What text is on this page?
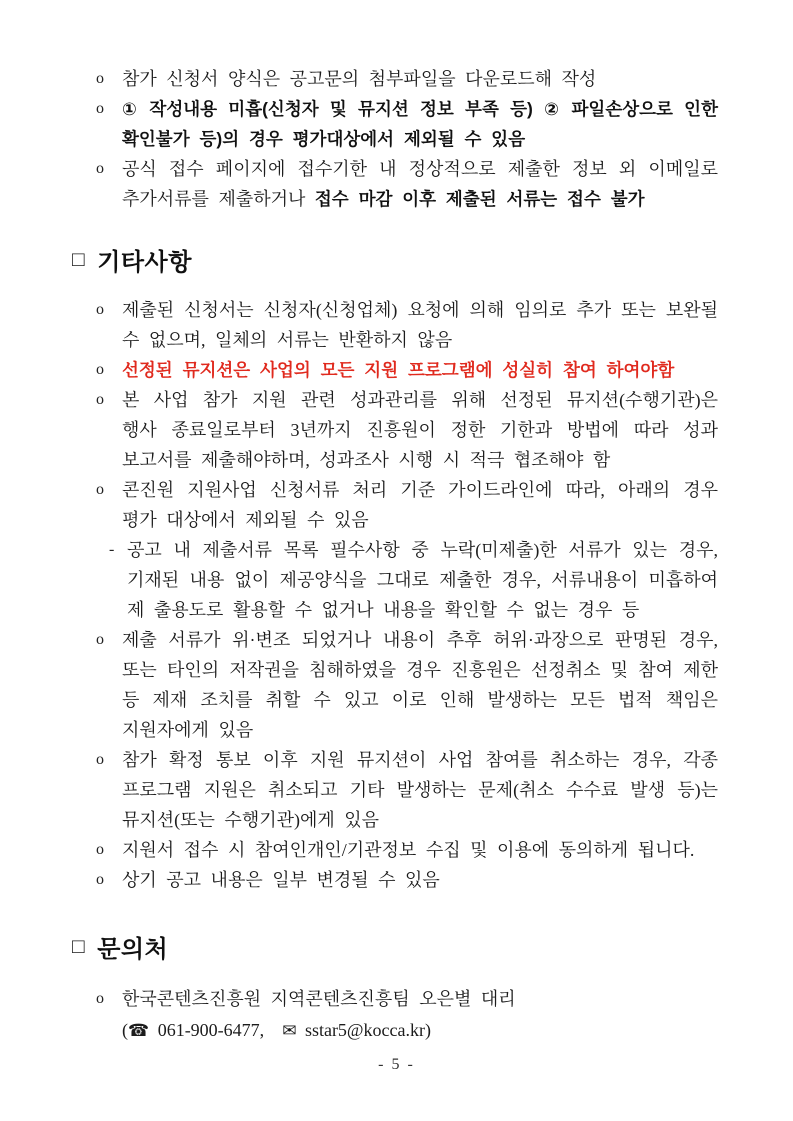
o	참가 신청서 양식은 공고문의 첨부파일을 다운로드해 작성
o	① 작성내용 미흡(신청자 및 뮤지션 정보 부족 등) ② 파일손상으로 인한 확인불가 등)의 경우 평가대상에서 제외될 수 있음
o	공식 접수 페이지에 접수기한 내 정상적으로 제출한 정보 외 이메일로 추가서류를 제출하거나 접수 마감 이후 제출된 서류는 접수 불가
□ 기타사항
o	제출된 신청서는 신청자(신청업체) 요청에 의해 임의로 추가 또는 보완될 수 없으며, 일체의 서류는 반환하지 않음
o	선정된 뮤지션은 사업의 모든 지원 프로그램에 성실히 참여 하여야함
o	본 사업 참가 지원 관련 성과관리를 위해 선정된 뮤지션(수행기관)은 행사 종료일로부터 3년까지 진흥원이 정한 기한과 방법에 따라 성과 보고서를 제출해야하며, 성과조사 시행 시 적극 협조해야 함
o	콘진원 지원사업 신청서류 처리 기준 가이드라인에 따라, 아래의 경우 평가 대상에서 제외될 수 있음
- 공고 내 제출서류 목록 필수사항 중 누락(미제출)한 서류가 있는 경우, 기재된 내용 없이 제공양식을 그대로 제출한 경우, 서류내용이 미흡하여 제 출용도로 활용할 수 없거나 내용을 확인할 수 없는 경우 등
o	제출 서류가 위·변조 되었거나 내용이 추후 허위·과장으로 판명된 경우, 또는 타인의 저작권을 침해하였을 경우 진흥원은 선정취소 및 참여 제한 등 제재 조치를 취할 수 있고 이로 인해 발생하는 모든 법적 책임은 지원자에게 있음
o	참가 확정 통보 이후 지원 뮤지션이 사업 참여를 취소하는 경우, 각종 프로그램 지원은 취소되고 기타 발생하는 문제(취소 수수료 발생 등)는 뮤지션(또는 수행기관)에게 있음
o	지원서 접수 시 참여인개인/기관정보 수집 및 이용에 동의하게 됩니다.
o	상기 공고 내용은 일부 변경될 수 있음
□ 문의처
o	한국콘텐츠진흥원 지역콘텐츠진흥팀 오은별 대리
(☎ 061-900-6477, ✉ sstar5@kocca.kr)
- 5 -
